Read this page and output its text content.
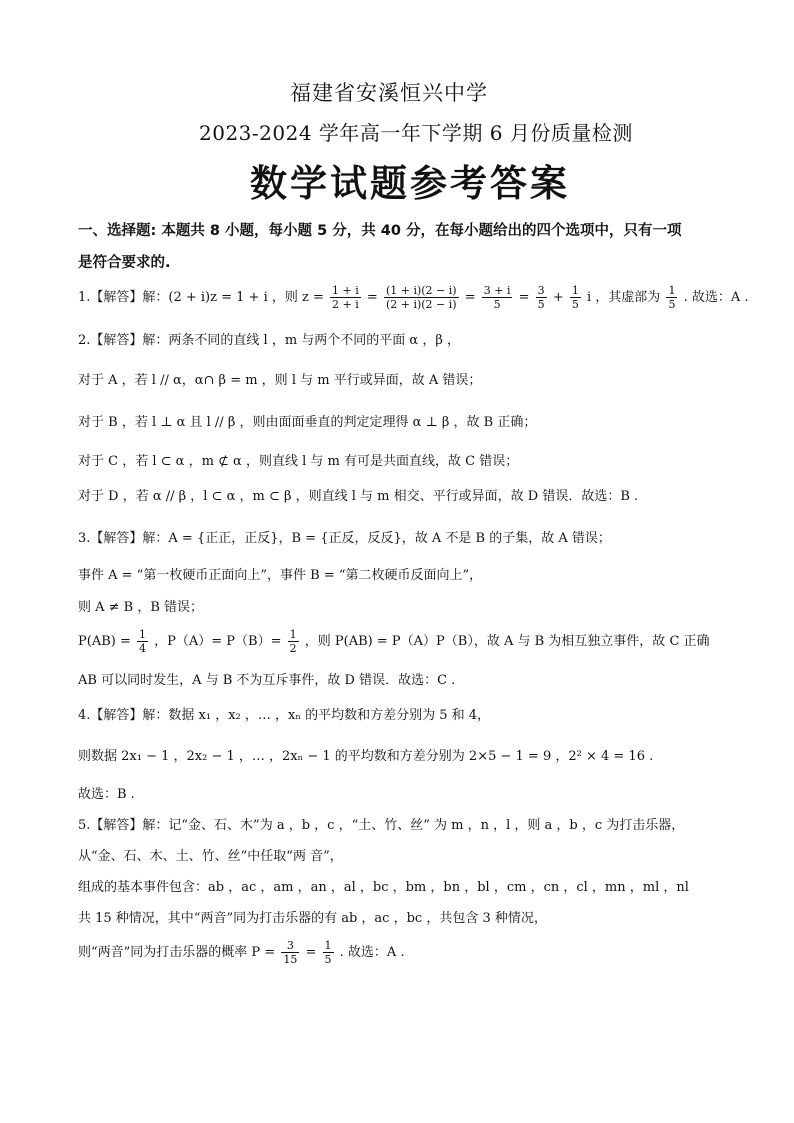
福建省安溪恒兴中学
2023-2024 学年高一年下学期 6 月份质量检测
数学试题参考答案
一、选择题: 本题共 8 小题，每小题 5 分，共 40 分，在每小题给出的四个选项中，只有一项
是符合要求的.
1.【解答】解：(2 + i)z = 1 + i ，则 $z = \frac{1 + i}{2 + i} = \frac{(1 + i)(2 - i)}{(2 + i)(2 - i)} = \frac{3 + i}{5} = \frac{3}{5} + \frac{1}{5}$ i ，其虚部为 $\frac{1}{5}$ . 故选：A .
2.【解答】解：两条不同的直线 l ，m 与两个不同的平面 α ，β ，
对于 A ，若 l // α，α∩ β = m ，则 l 与 m 平行或异面，故 A 错误；
对于 B ，若 l ⊥ α 且 l // β ，则由面面垂直的判定定理得 α ⊥ β ，故 B 正确；
对于 C ，若 l ⊂ α ，m ⊄ α ，则直线 l 与 m 有可是共面直线，故 C 错误；
对于 D ，若 α // β ，l ⊂ α ，m ⊂ β ，则直线 l 与 m 相交、平行或异面，故 D 错误．故选：B .
3.【解答】解：A = {正正，正反}，B = {正反，反反}，故 A 不是 B 的子集，故 A 错误；
事件 A = “第一枚硬币正面向上”，事件 B = “第二枚硬币反面向上”，
则 A ≠ B ，B 错误；
$P(AB) = \frac{1}{4}$ ，$P(A)= P(B)= \frac{1}{2}$ ，则 P(AB) = P（A）P（B），故 A 与 B 为相互独立事件，故 C 正确
AB 可以同时发生，A 与 B 不为互斥事件，故 D 错误．故选：C .
4.【解答】解：数据 x₁ ，x₂ ，… ，xₙ 的平均数和方差分别为 5 和 4，
则数据 2x₁ − 1 ，2x₂ − 1 ，… ，2xₙ − 1 的平均数和方差分别为 2×5 − 1 = 9 ，2² × 4 = 16 .
故选：B .
5.【解答】解：记“金、石、木”为 a ，b ，c ，“土、竹、丝” 为 m ，n ，l ，则 a ，b ，c 为打击乐器，
从“金、石、木、土、竹、丝”中任取“两 音”，
组成的基本事件包含：ab ，ac ，am ，an ，al ，bc ，bm ，bn ，bl ，cm ，cn ，cl ，mn ，ml ，nl
共 15 种情况，其中“两音”同为打击乐器的有 ab ，ac ，bc ，共包含 3 种情况，
则“两音”同为打击乐器的概率 $P = \frac{3}{15} = \frac{1}{5}$ . 故选：A .
